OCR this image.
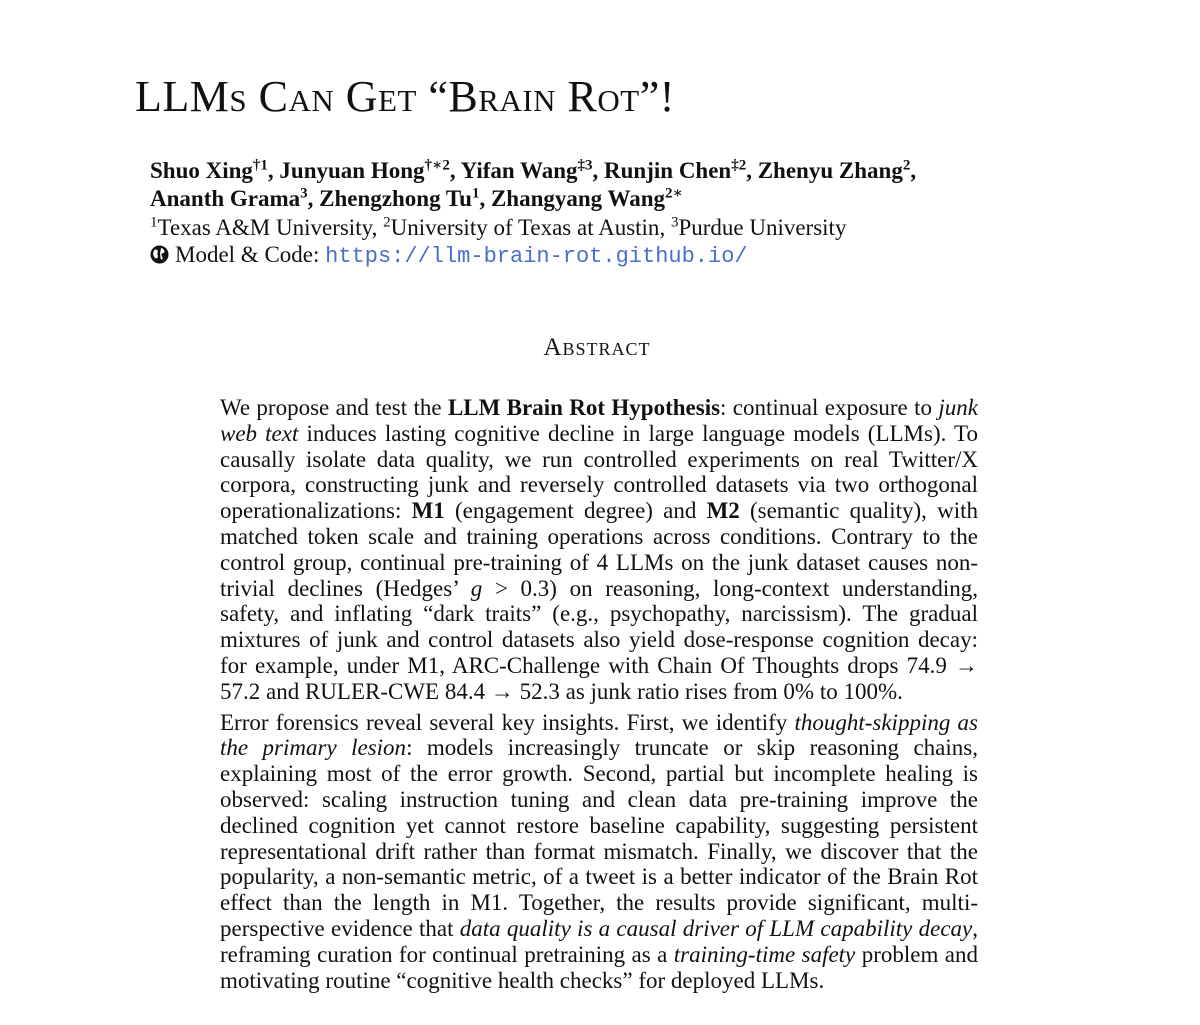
LLMs Can Get “Brain Rot”!
Shuo Xing$^{\dagger 1}$, Junyuan Hong$^{\dagger∗2}$, Yifan Wang$^{\ddagger 3}$, Runjin Chen$^{\ddagger 2}$, Zhenyu Zhang$^2$,
Ananth Grama$^3$, Zhengzhong Tu$^1$, Zhangyang Wang$^{2∗}$
$^1$Texas A&M University, $^2$University of Texas at Austin, $^3$Purdue University
Model & Code: https://llm-brain-rot.github.io/
Abstract

We propose and test the LLM Brain Rot Hypothesis: continual exposure to junk web text induces lasting cognitive decline in large language models (LLMs). To causally isolate data quality, we run controlled experiments on real Twitter/X corpora, constructing junk and reversely controlled datasets via two orthogonal operationalizations: M1 (engagement degree) and M2 (semantic quality), with matched token scale and training operations across conditions. Contrary to the control group, continual pre-training of 4 LLMs on the junk dataset causes non-trivial declines (Hedges’ g > 0.3) on reasoning, long-context understanding, safety, and inflating “dark traits” (e.g., psychopathy, narcissism). The gradual mixtures of junk and control datasets also yield dose-response cognition decay: for example, under M1, ARC-Challenge with Chain Of Thoughts drops 74.9 → 57.2 and RULER-CWE 84.4 → 52.3 as junk ratio rises from 0% to 100%.

Error forensics reveal several key insights. First, we identify thought-skipping as the primary lesion: models increasingly truncate or skip reasoning chains, explaining most of the error growth. Second, partial but incomplete healing is observed: scaling instruction tuning and clean data pre-training improve the declined cognition yet cannot restore baseline capability, suggesting persistent representational drift rather than format mismatch. Finally, we discover that the popularity, a non-semantic metric, of a tweet is a better indicator of the Brain Rot effect than the length in M1. Together, the results provide significant, multi-perspective evidence that data quality is a causal driver of LLM capability decay, reframing curation for continual pretraining as a training-time safety problem and motivating routine “cognitive health checks” for deployed LLMs.
